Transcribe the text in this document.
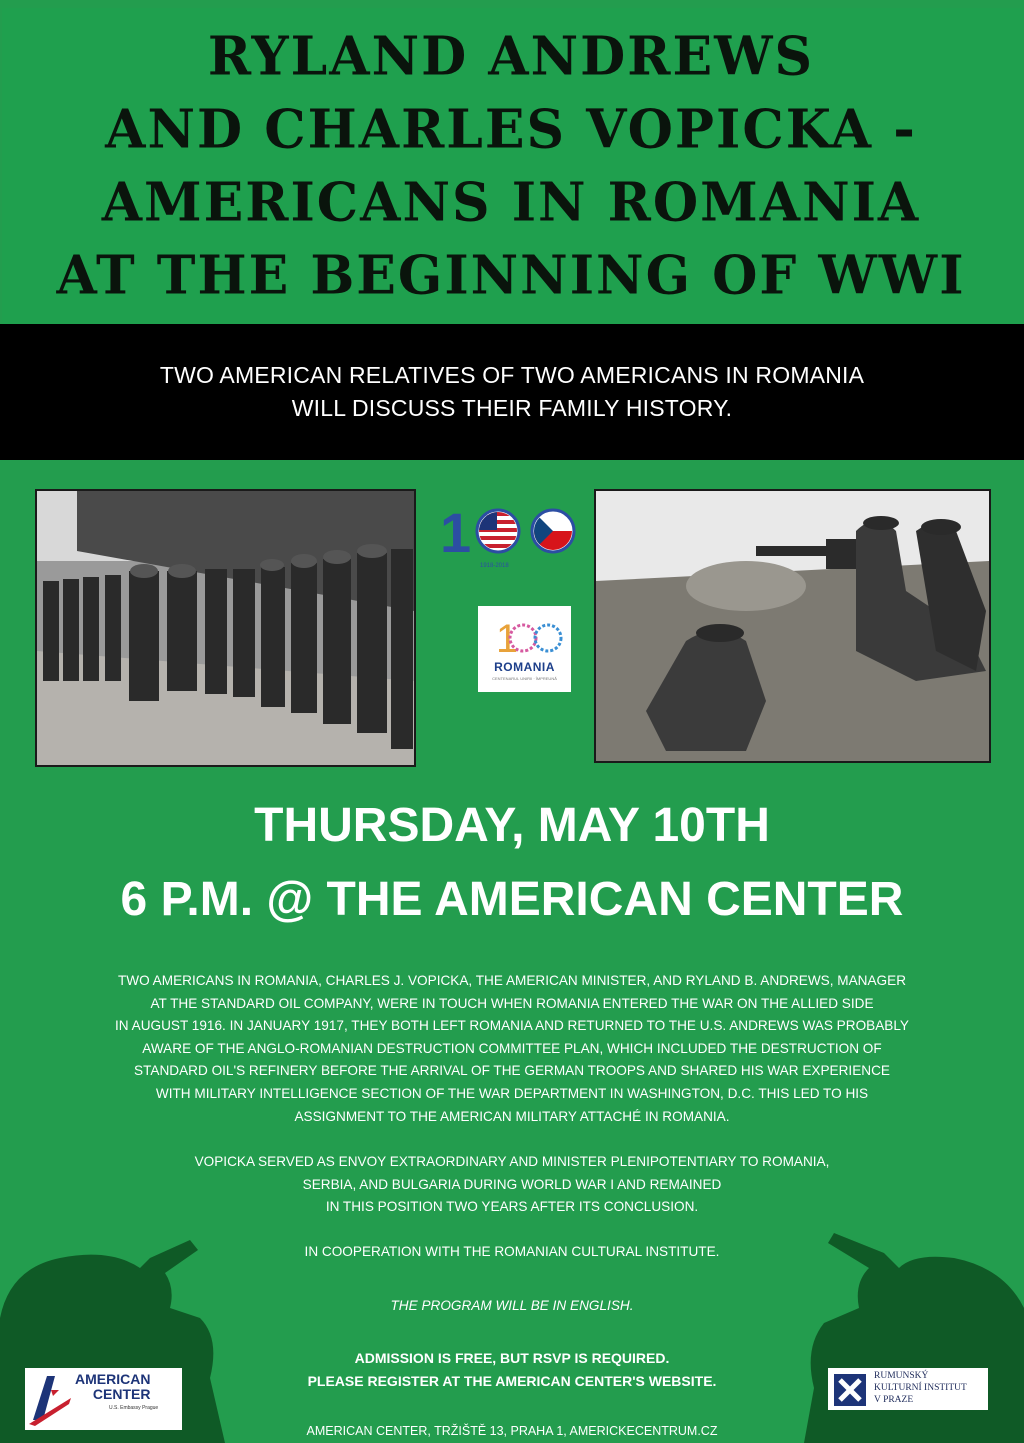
RYLAND ANDREWS
AND CHARLES VOPICKA -
AMERICANS IN ROMANIA
AT THE BEGINNING OF WWI
TWO AMERICAN RELATIVES OF TWO AMERICANS IN ROMANIA
WILL DISCUSS THEIR FAMILY HISTORY.
1
1918-2018
1
ROMANIA
CENTENARUL UNIRII · ÎMPREUNĂ
THURSDAY, MAY 10TH
6 P.M. @ THE AMERICAN CENTER
TWO AMERICANS IN ROMANIA, CHARLES J. VOPICKA, THE AMERICAN MINISTER, AND RYLAND B. ANDREWS, MANAGER
AT THE STANDARD OIL COMPANY, WERE IN TOUCH WHEN ROMANIA ENTERED THE WAR ON THE ALLIED SIDE
IN AUGUST 1916. IN JANUARY 1917, THEY BOTH LEFT ROMANIA AND RETURNED TO THE U.S. ANDREWS WAS PROBABLY
AWARE OF THE ANGLO-ROMANIAN DESTRUCTION COMMITTEE PLAN, WHICH INCLUDED THE DESTRUCTION OF
STANDARD OIL'S REFINERY BEFORE THE ARRIVAL OF THE GERMAN TROOPS AND SHARED HIS WAR EXPERIENCE
WITH MILITARY INTELLIGENCE SECTION OF THE WAR DEPARTMENT IN WASHINGTON, D.C. THIS LED TO HIS
ASSIGNMENT TO THE AMERICAN MILITARY ATTACHÉ IN ROMANIA.
VOPICKA SERVED AS ENVOY EXTRAORDINARY AND MINISTER PLENIPOTENTIARY TO ROMANIA,
SERBIA, AND BULGARIA DURING WORLD WAR I AND REMAINED
IN THIS POSITION TWO YEARS AFTER ITS CONCLUSION.
IN COOPERATION WITH THE ROMANIAN CULTURAL INSTITUTE.
THE PROGRAM WILL BE IN ENGLISH.
ADMISSION IS FREE, BUT RSVP IS REQUIRED.
PLEASE REGISTER AT THE AMERICAN CENTER'S WEBSITE.
AMERICAN CENTER, TRŽIŠTĚ 13, PRAHA 1, AMERICKECENTRUM.CZ
AMERICAN
CENTER
U.S. Embassy Prague
RUMUNSKÝ
KULTURNÍ INSTITUT
V PRAZE
